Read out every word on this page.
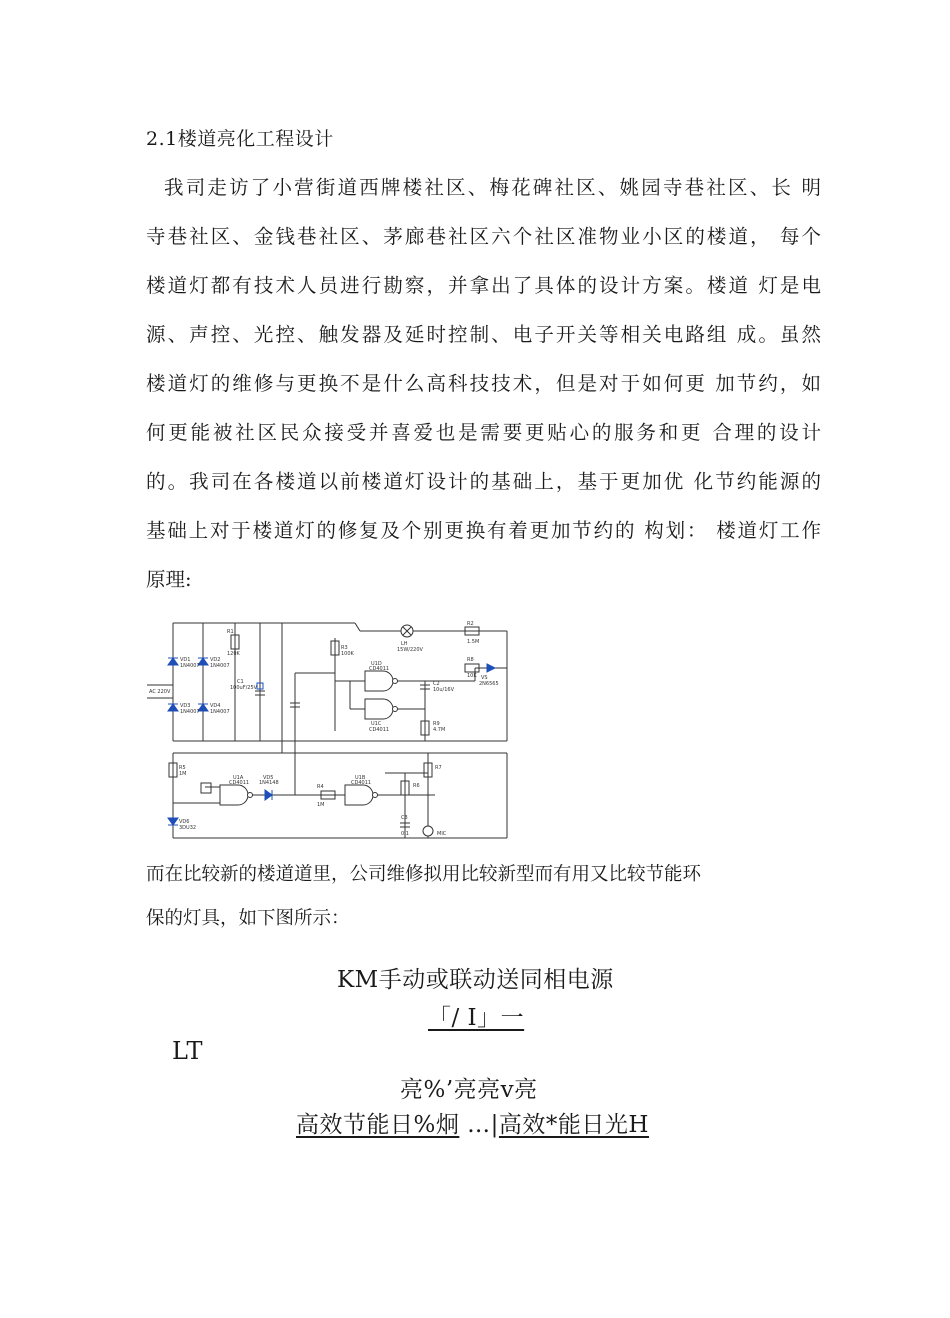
2.1楼道亮化工程设计
我司走访了小营街道西牌楼社区、梅花碑社区、姚园寺巷社区、长 明
寺巷社区、金钱巷社区、茅廊巷社区六个社区准物业小区的楼道， 每个
楼道灯都有技术人员进行勘察，并拿出了具体的设计方案。楼道 灯是电
源、声控、光控、触发器及延时控制、电子开关等相关电路组 成。虽然
楼道灯的维修与更换不是什么高科技技术，但是对于如何更 加节约，如
何更能被社区民众接受并喜爱也是需要更贴心的服务和更 合理的设计
的。我司在各楼道以前楼道灯设计的基础上，基于更加优 化节约能源的
基础上对于楼道灯的修复及个别更换有着更加节约的 构划： 楼道灯工作
原理:
AC 220V
VD1
1N4007
VD2
1N4007
VD3
1N4007
VD4
1N4007
R1
120K
C1
100uF/25V
LH
15W/220V
R2
1.5M
R3
100K
U1D
CD4011
U1C
CD4011
C2
10u/16V
R8
10K VS
2N6565
R9
4.7M
R5
1M
VD6
3DU32
U1A
CD4011
VD5
1N4148
U1B
CD4011
R4
1M
R6
R7
C3
0.1	MIC
而在比较新的楼道道里，公司维修拟用比较新型而有用又比较节能环
保的灯具，如下图所示：
KM手动或联动送同相电源
「/ I」一
LT
亮%’亮亮v亮
高效节能日%炯 …|高效*能日光H
